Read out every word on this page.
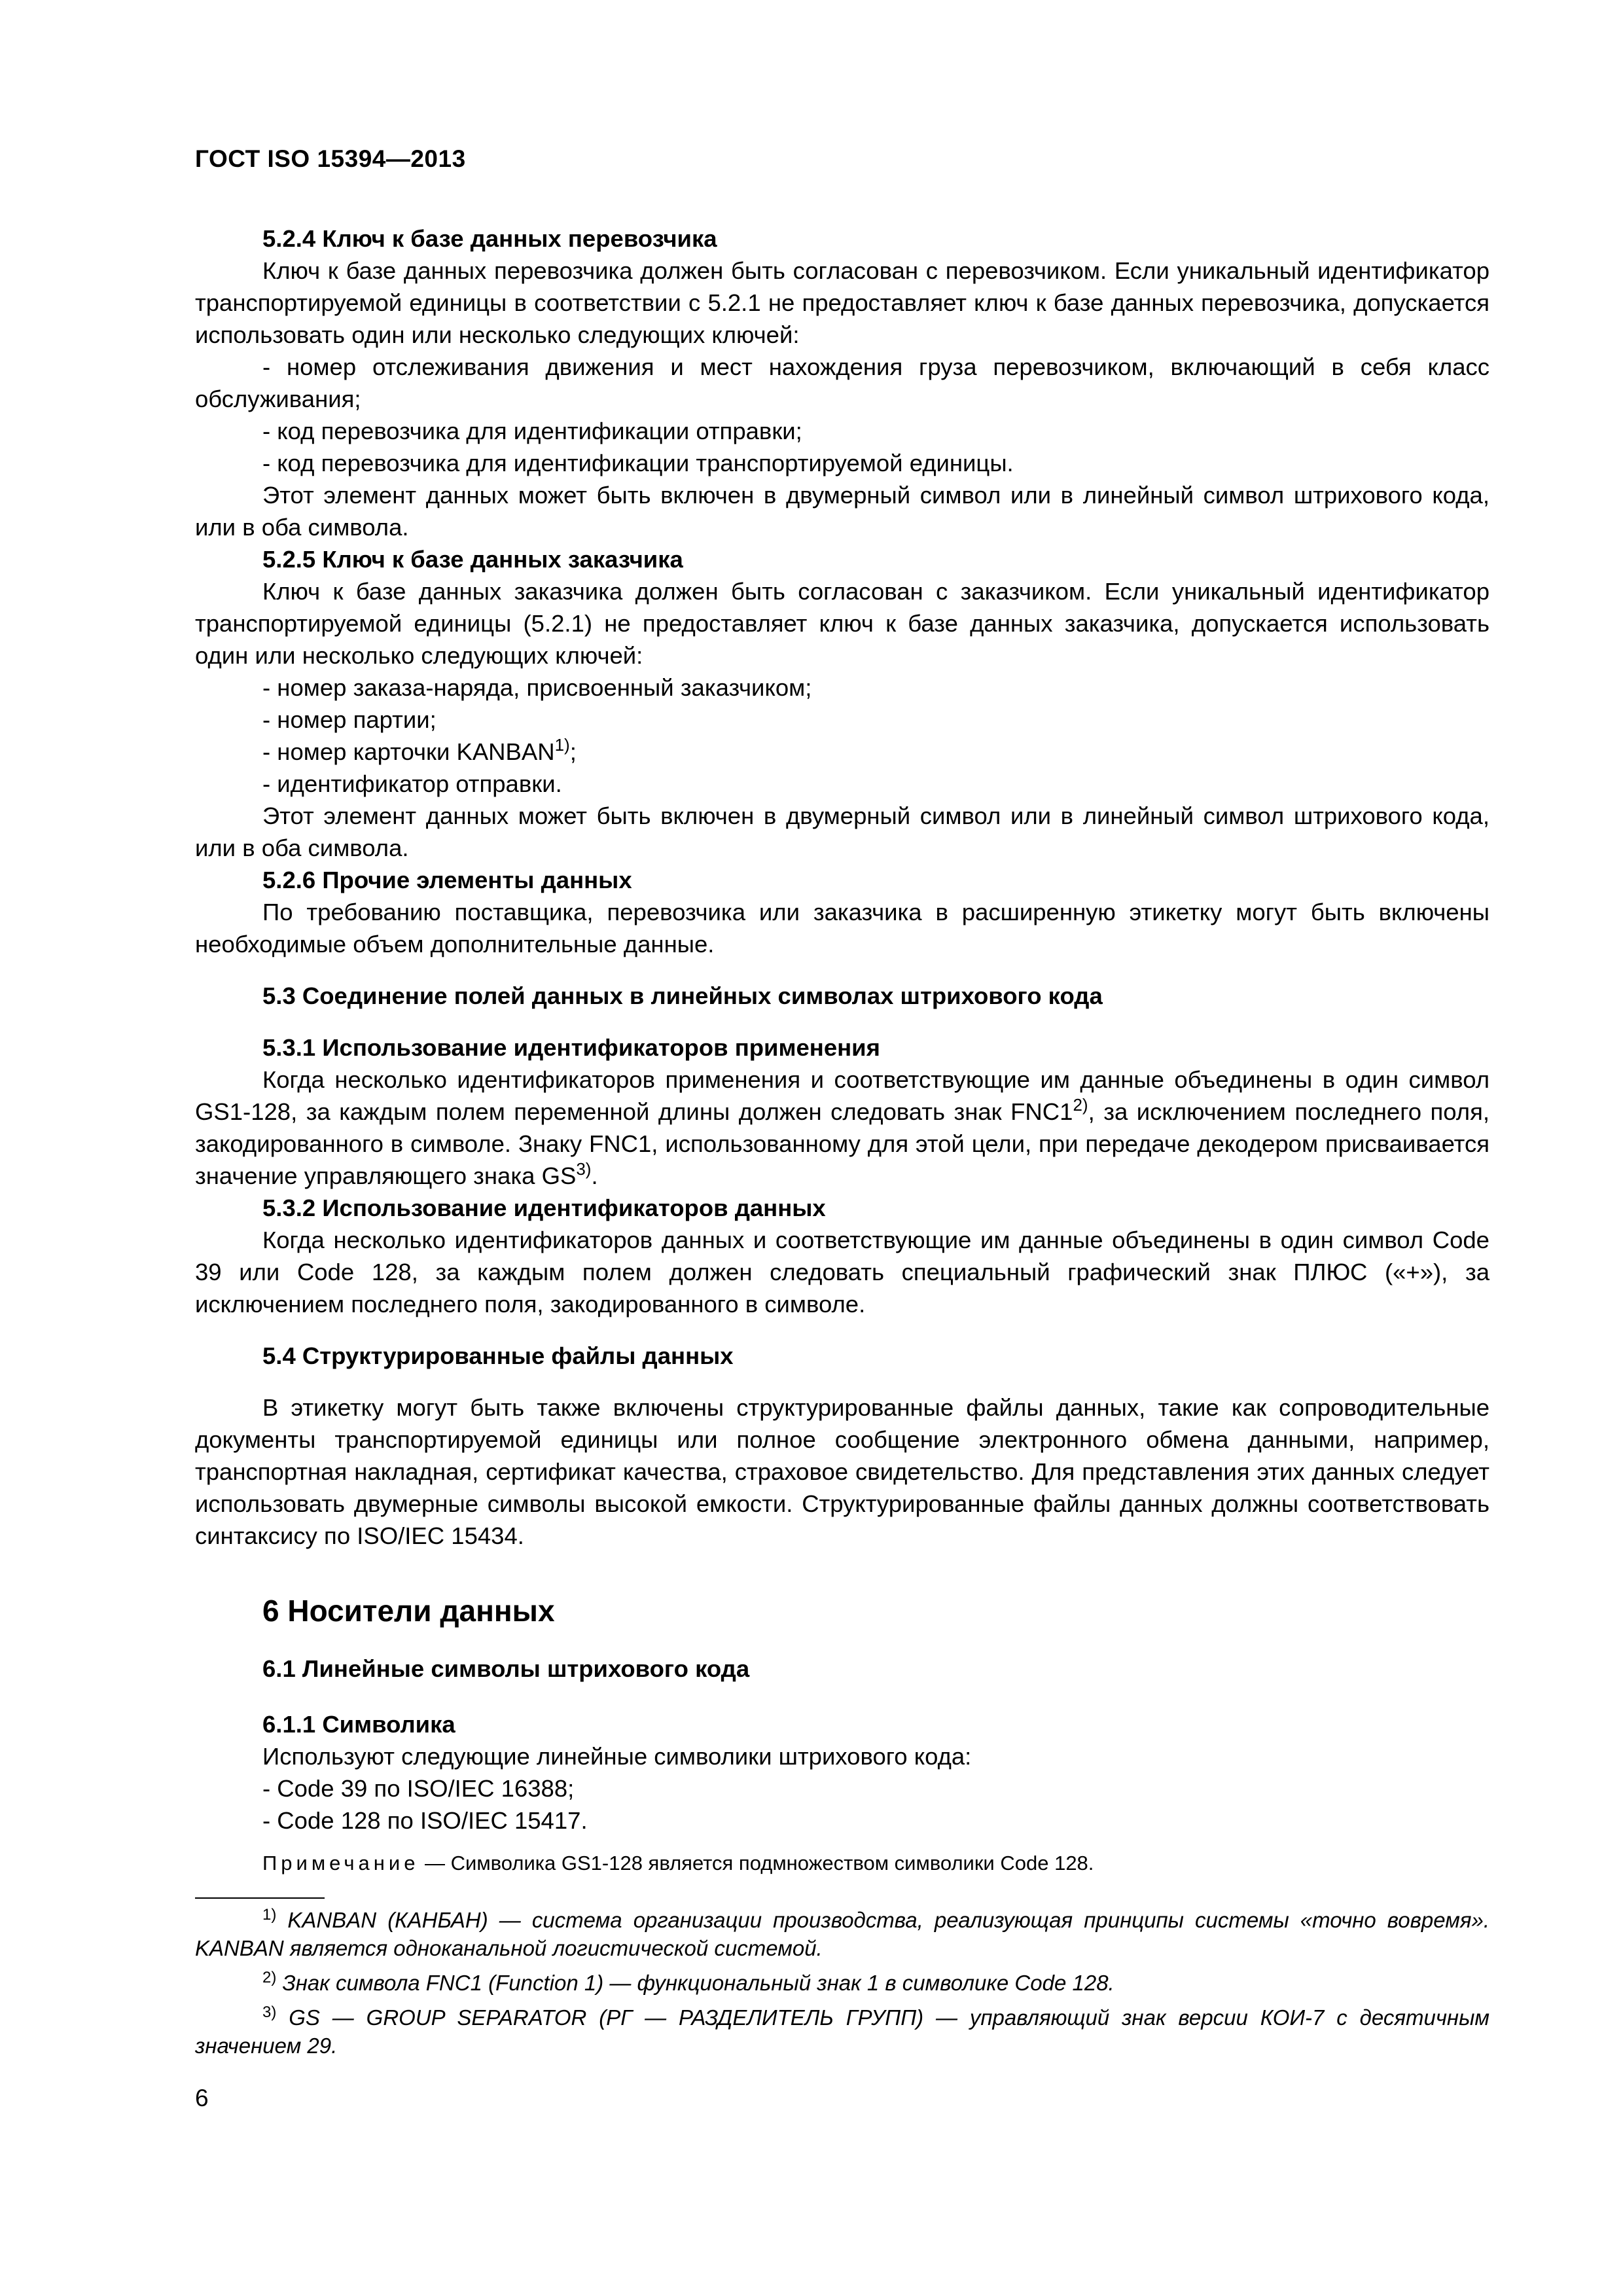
ГОСТ ISO 15394—2013
5.2.4 Ключ к базе данных перевозчика
Ключ к базе данных перевозчика должен быть согласован с перевозчиком. Если уникальный идентификатор транспортируемой единицы в соответствии с 5.2.1 не предоставляет ключ к базе данных перевозчика, допускается использовать один или несколько следующих ключей:
- номер отслеживания движения и мест нахождения груза перевозчиком, включающий в себя класс обслуживания;
- код перевозчика для идентификации отправки;
- код перевозчика для идентификации транспортируемой единицы.
Этот элемент данных может быть включен в двумерный символ или в линейный символ штрихового кода, или в оба символа.
5.2.5 Ключ к базе данных заказчика
Ключ к базе данных заказчика должен быть согласован с заказчиком. Если уникальный идентификатор транспортируемой единицы (5.2.1) не предоставляет ключ к базе данных заказчика, допускается использовать один или несколько следующих ключей:
- номер заказа-наряда, присвоенный заказчиком;
- номер партии;
- номер карточки KANBAN$^{1)}$;
- идентификатор отправки.
Этот элемент данных может быть включен в двумерный символ или в линейный символ штрихового кода, или в оба символа.
5.2.6 Прочие элементы данных
По требованию поставщика, перевозчика или заказчика в расширенную этикетку могут быть включены необходимые объем дополнительные данные.
5.3 Соединение полей данных в линейных символах штрихового кода
5.3.1 Использование идентификаторов применения
Когда несколько идентификаторов применения и соответствующие им данные объединены в один символ GS1-128, за каждым полем переменной длины должен следовать знак FNC1$^{2)}$, за исключением последнего поля, закодированного в символе. Знаку FNC1, использованному для этой цели, при передаче декодером присваивается значение управляющего знака GS$^{3)}$.
5.3.2 Использование идентификаторов данных
Когда несколько идентификаторов данных и соответствующие им данные объединены в один символ Code 39 или Code 128, за каждым полем должен следовать специальный графический знак ПЛЮС («+»), за исключением последнего поля, закодированного в символе.
5.4 Структурированные файлы данных
В этикетку могут быть также включены структурированные файлы данных, такие как сопроводительные документы транспортируемой единицы или полное сообщение электронного обмена данными, например, транспортная накладная, сертификат качества, страховое свидетельство. Для представления этих данных следует использовать двумерные символы высокой емкости. Структурированные файлы данных должны соответствовать синтаксису по ISO/IEC 15434.
6 Носители данных
6.1 Линейные символы штрихового кода
6.1.1 Символика
Используют следующие линейные символики штрихового кода:
- Code 39 по ISO/IEC 16388;
- Code 128 по ISO/IEC 15417.
Примечание — Символика GS1-128 является подмножеством символики Code 128.
$^{1)}$ KANBAN (КАНБАН) — система организации производства, реализующая принципы системы «точно вовремя». KANBAN является одноканальной логистической системой.
$^{2)}$ Знак символа FNC1 (Function 1) — функциональный знак 1 в символике Code 128.
$^{3)}$ GS — GROUP SEPARATOR (РГ — РАЗДЕЛИТЕЛЬ ГРУПП) — управляющий знак версии КОИ-7 с десятичным значением 29.
6
